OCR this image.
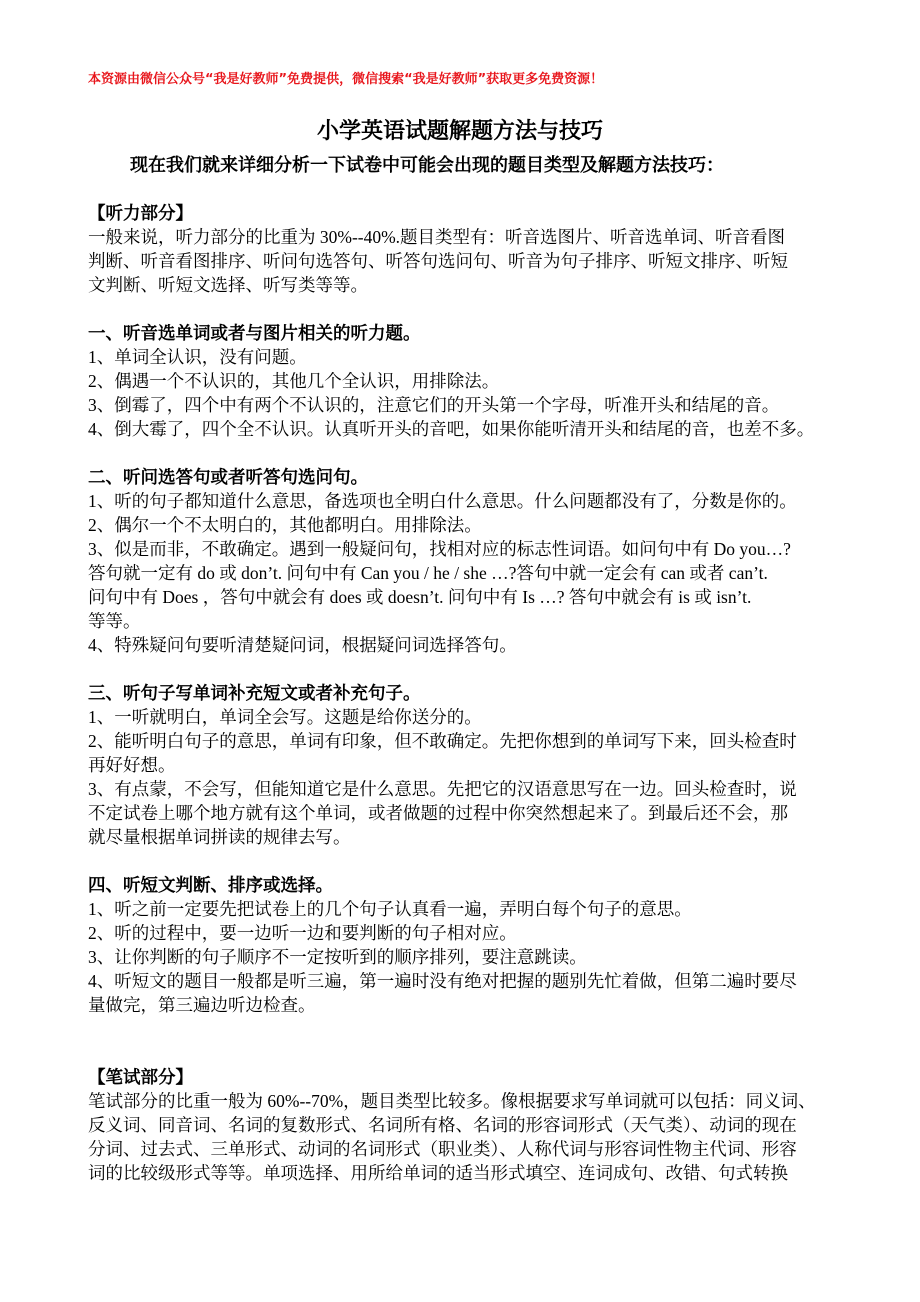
本资源由微信公众号“我是好教师”免费提供，微信搜索“我是好教师”获取更多免费资源！
小学英语试题解题方法与技巧
现在我们就来详细分析一下试卷中可能会出现的题目类型及解题方法技巧：
【听力部分】
一般来说，听力部分的比重为 30%--40%.题目类型有：听音选图片、听音选单词、听音看图
判断、听音看图排序、听问句选答句、听答句选问句、听音为句子排序、听短文排序、听短
文判断、听短文选择、听写类等等。
一、听音选单词或者与图片相关的听力题。
1、单词全认识，没有问题。
2、偶遇一个不认识的，其他几个全认识，用排除法。
3、倒霉了，四个中有两个不认识的，注意它们的开头第一个字母，听准开头和结尾的音。
4、倒大霉了，四个全不认识。认真听开头的音吧，如果你能听清开头和结尾的音，也差不多。
二、听问选答句或者听答句选问句。
1、听的句子都知道什么意思，备选项也全明白什么意思。什么问题都没有了，分数是你的。
2、偶尔一个不太明白的，其他都明白。用排除法。
3、似是而非，不敢确定。遇到一般疑问句，找相对应的标志性词语。如问句中有 Do you…?
答句就一定有 do 或 don’t. 问句中有 Can you / he / she …?答句中就一定会有 can 或者 can’t.
问句中有 Does ，答句中就会有 does 或 doesn’t. 问句中有 Is …? 答句中就会有 is 或 isn’t.
等等。
4、特殊疑问句要听清楚疑问词，根据疑问词选择答句。
三、听句子写单词补充短文或者补充句子。
1、一听就明白，单词全会写。这题是给你送分的。
2、能听明白句子的意思，单词有印象，但不敢确定。先把你想到的单词写下来，回头检查时
再好好想。
3、有点蒙，不会写，但能知道它是什么意思。先把它的汉语意思写在一边。回头检查时，说
不定试卷上哪个地方就有这个单词，或者做题的过程中你突然想起来了。到最后还不会，那
就尽量根据单词拼读的规律去写。
四、听短文判断、排序或选择。
1、听之前一定要先把试卷上的几个句子认真看一遍，弄明白每个句子的意思。
2、听的过程中，要一边听一边和要判断的句子相对应。
3、让你判断的句子顺序不一定按听到的顺序排列，要注意跳读。
4、听短文的题目一般都是听三遍，第一遍时没有绝对把握的题别先忙着做，但第二遍时要尽
量做完，第三遍边听边检查。
【笔试部分】
笔试部分的比重一般为 60%--70%，题目类型比较多。像根据要求写单词就可以包括：同义词、
反义词、同音词、名词的复数形式、名词所有格、名词的形容词形式（天气类）、动词的现在
分词、过去式、三单形式、动词的名词形式（职业类）、人称代词与形容词性物主代词、形容
词的比较级形式等等。单项选择、用所给单词的适当形式填空、连词成句、改错、句式转换
